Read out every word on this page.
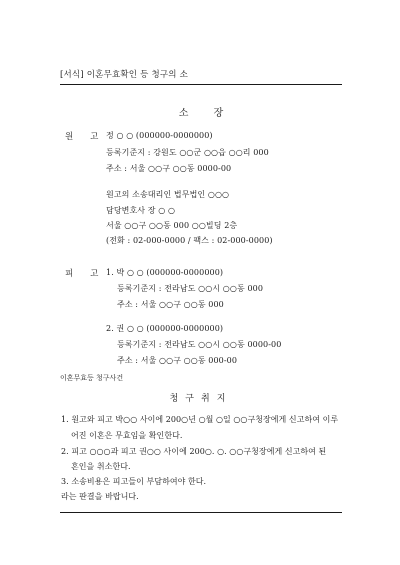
[서식] 이혼무효확인 등 청구의 소
소 장
원 고 정 ○ ○ (000000-0000000)
등록기준지 : 강원도 ○○군 ○○읍 ○○리 000
주소 : 서울 ○○구 ○○동 0000-00
원고의 소송대리인 법무법인 ○○○
담당변호사 장 ○ ○
서울 ○○구 ○○동 000 ○○빌딩 2층
(전화 : 02-000-0000 / 팩스 : 02-000-0000)
피 고 1. 박 ○ ○ (000000-0000000)
등록기준지 : 전라남도 ○○시 ○○동 000
주소 : 서울 ○○구 ○○동 000
2. 권 ○ ○ (000000-0000000)
등록기준지 : 전라남도 ○○시 ○○동 0000-00
주소 : 서울 ○○구 ○○동 000-00
이혼무효등 청구사건
청구취지
1. 원고와 피고 박○○ 사이에 200○년 ○월 ○일 ○○구청장에게 신고하여 이루
어진 이혼은 무효임을 확인한다.
2. 피고 ○○○과 피고 권○○ 사이에 200○. ○. ○○구청장에게 신고하여 된
혼인을 취소한다.
3. 소송비용은 피고들이 부담하여야 한다.
라는 판결을 바랍니다.
